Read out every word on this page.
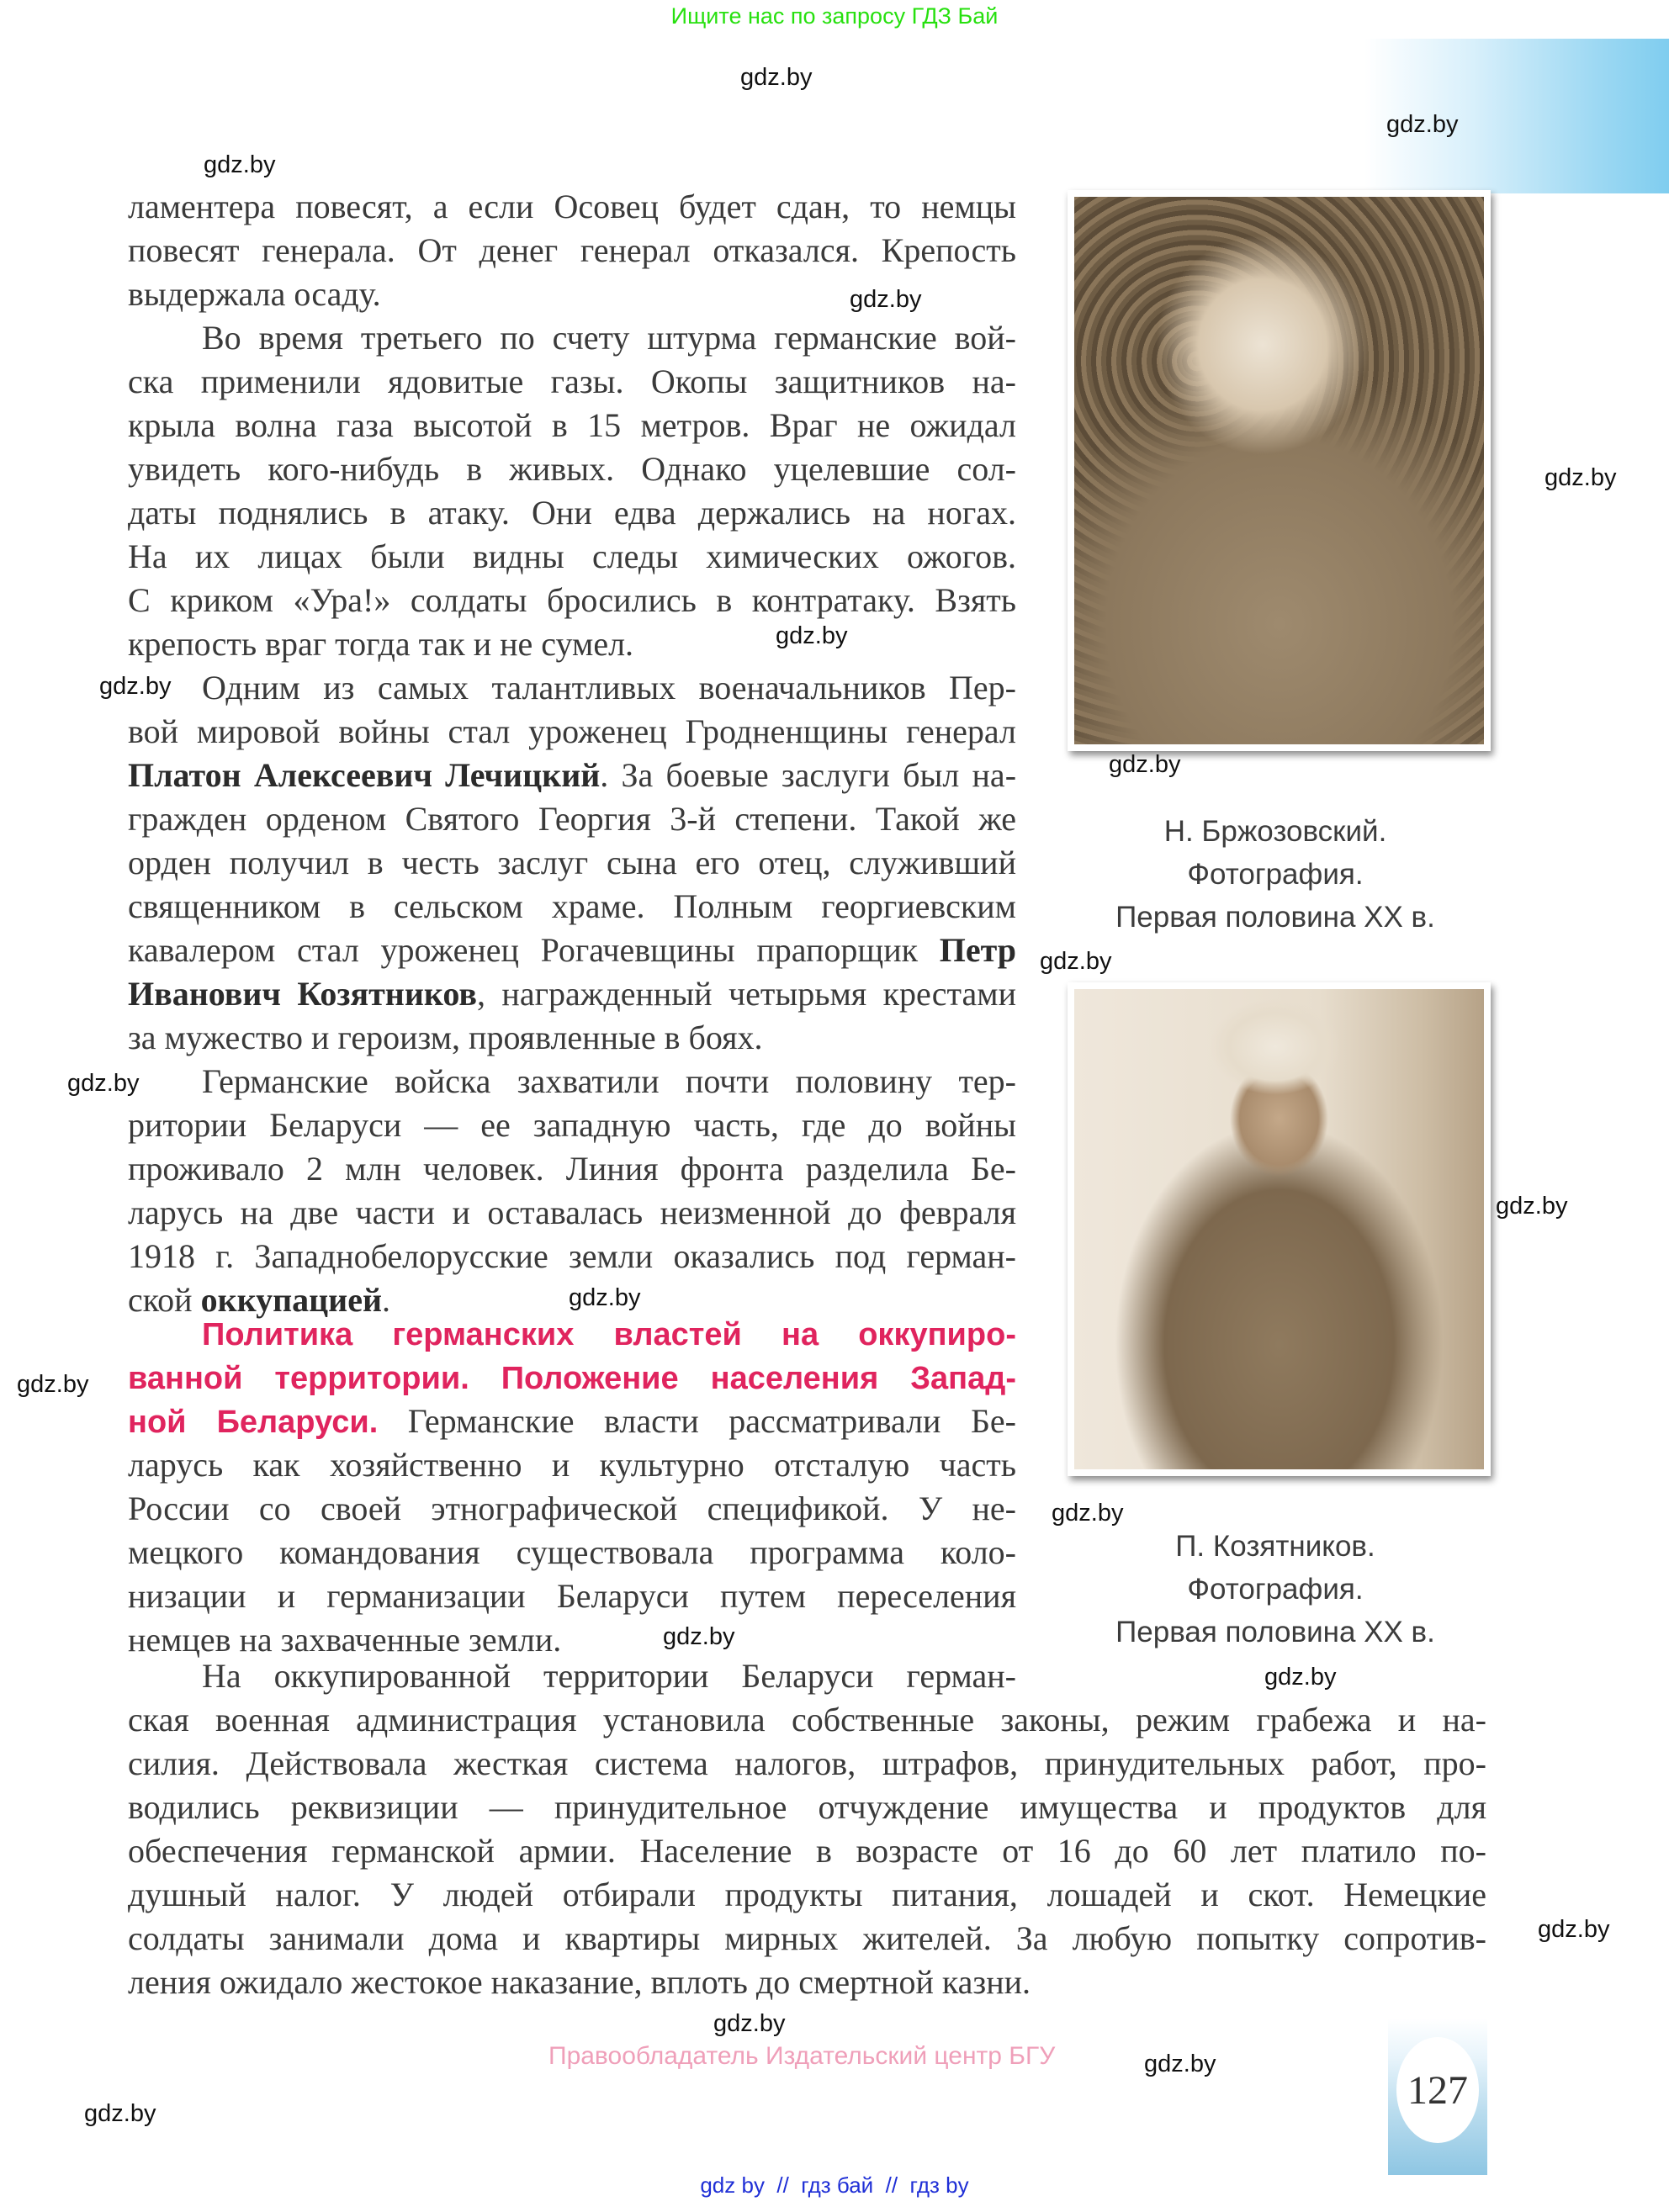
Ищите нас по запросу ГДЗ Бай
ламентера повесят, а если Осовец будет сдан, то немцы
повесят генерала. От денег генерал отказался. Крепость
выдержала осаду.
Во время третьего по счету штурма германские вой-
ска применили ядовитые газы. Окопы защитников на-
крыла волна газа высотой в 15 метров. Враг не ожидал
увидеть кого-нибудь в живых. Однако уцелевшие сол-
даты поднялись в атаку. Они едва держались на ногах.
На их лицах были видны следы химических ожогов.
С криком «Ура!» солдаты бросились в контратаку. Взять
крепость враг тогда так и не сумел.
Одним из самых талантливых военачальников Пер-
вой мировой войны стал уроженец Гродненщины генерал
Платон Алексеевич Лечицкий. За боевые заслуги был на-
гражден орденом Святого Георгия 3-й степени. Такой же
орден получил в честь заслуг сына его отец, служивший
священником в сельском храме. Полным георгиевским
кавалером стал уроженец Рогачевщины прапорщик Петр
Иванович Козятников, награжденный четырьмя крестами
за мужество и героизм, проявленные в боях.
Германские войска захватили почти половину тер-
ритории Беларуси — ее западную часть, где до войны
проживало 2 млн человек. Линия фронта разделила Бе-
ларусь на две части и оставалась неизменной до февраля
1918 г. Западнобелорусские земли оказались под герман-
ской оккупацией.
Политика германских властей на оккупиро-
ванной территории. Положение населения Запад-
ной Беларуси. Германские власти рассматривали Бе-
ларусь как хозяйственно и культурно отсталую часть
России со своей этнографической спецификой. У не-
мецкого командования существовала программа коло-
низации и германизации Беларуси путем переселения
немцев на захваченные земли.
На оккупированной территории Беларуси герман-
ская военная администрация установила собственные законы, режим грабежа и на-
силия. Действовала жесткая система налогов, штрафов, принудительных работ, про-
водились реквизиции — принудительное отчуждение имущества и продуктов для
обеспечения германской армии. Население в возрасте от 16 до 60 лет платило по-
душный налог. У людей отбирали продукты питания, лошадей и скот. Немецкие
солдаты занимали дома и квартиры мирных жителей. За любую попытку сопротив-
ления ожидало жестокое наказание, вплоть до смертной казни.
Н. Бржозовский.
Фотография.
Первая половина XX в.
П. Козятников.
Фотография.
Первая половина XX в.
gdz.by
gdz.by
gdz.by
gdz.by
gdz.by
gdz.by
gdz.by
gdz.by
gdz.by
gdz.by
gdz.by
gdz.by
gdz.by
gdz.by
gdz.by
gdz.by
gdz.by
gdz.by
gdz.by
gdz.by
Правообладатель Издательский центр БГУ
127
gdz by  //  гдз бай  //  гдз by
